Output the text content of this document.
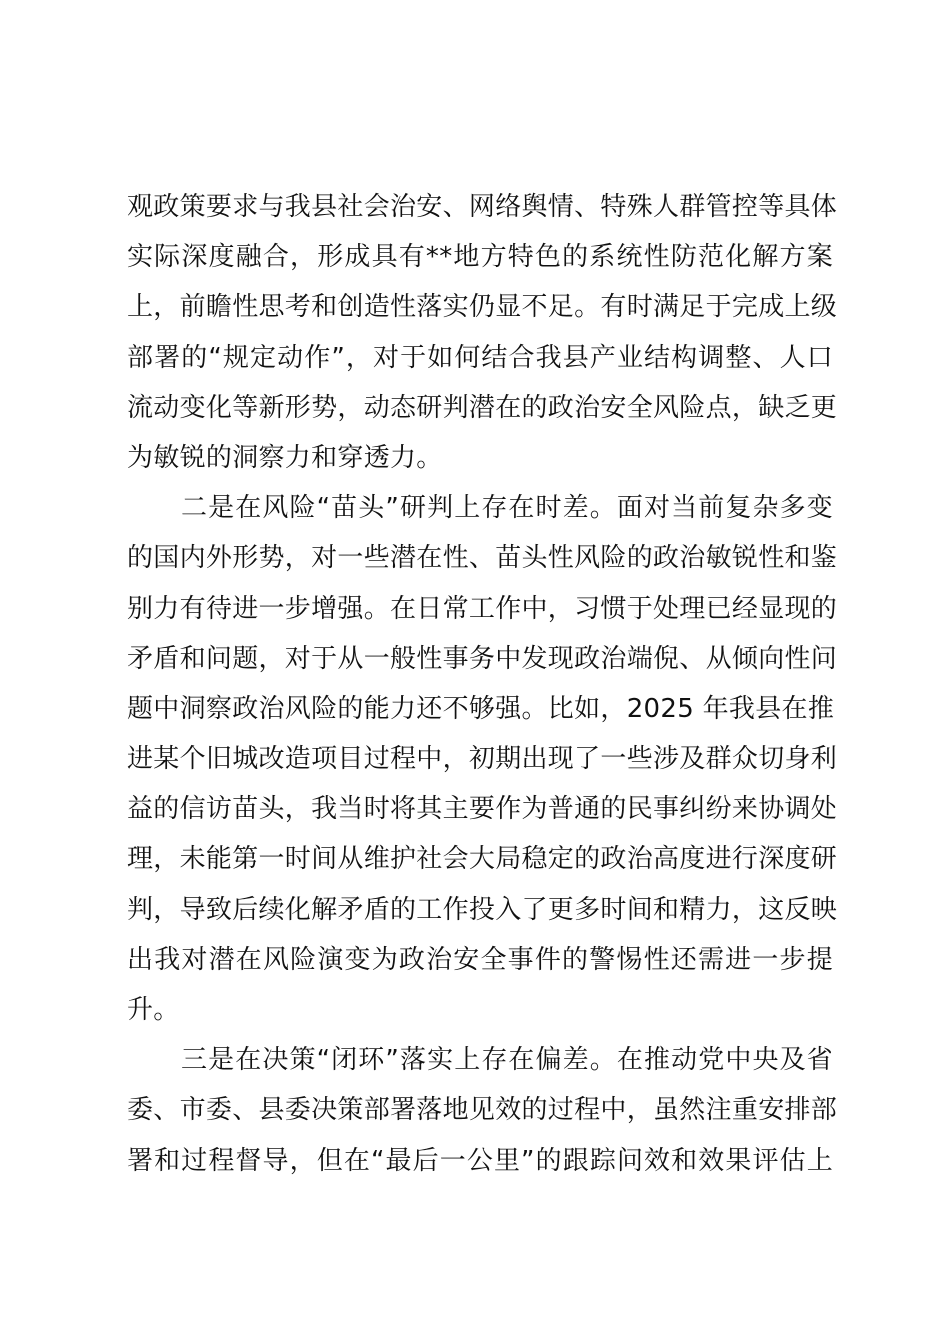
观政策要求与我县社会治安、网络舆情、特殊人群管控等具体
实际深度融合，形成具有**地方特色的系统性防范化解方案
上，前瞻性思考和创造性落实仍显不足。有时满足于完成上级
部署的“规定动作”，对于如何结合我县产业结构调整、人口
流动变化等新形势，动态研判潜在的政治安全风险点，缺乏更
为敏锐的洞察力和穿透力。
二是在风险“苗头”研判上存在时差。面对当前复杂多变
的国内外形势，对一些潜在性、苗头性风险的政治敏锐性和鉴
别力有待进一步增强。在日常工作中，习惯于处理已经显现的
矛盾和问题，对于从一般性事务中发现政治端倪、从倾向性问
题中洞察政治风险的能力还不够强。比如，2025 年我县在推
进某个旧城改造项目过程中，初期出现了一些涉及群众切身利
益的信访苗头，我当时将其主要作为普通的民事纠纷来协调处
理，未能第一时间从维护社会大局稳定的政治高度进行深度研
判，导致后续化解矛盾的工作投入了更多时间和精力，这反映
出我对潜在风险演变为政治安全事件的警惕性还需进一步提
升。
三是在决策“闭环”落实上存在偏差。在推动党中央及省
委、市委、县委决策部署落地见效的过程中，虽然注重安排部
署和过程督导，但在“最后一公里”的跟踪问效和效果评估上
